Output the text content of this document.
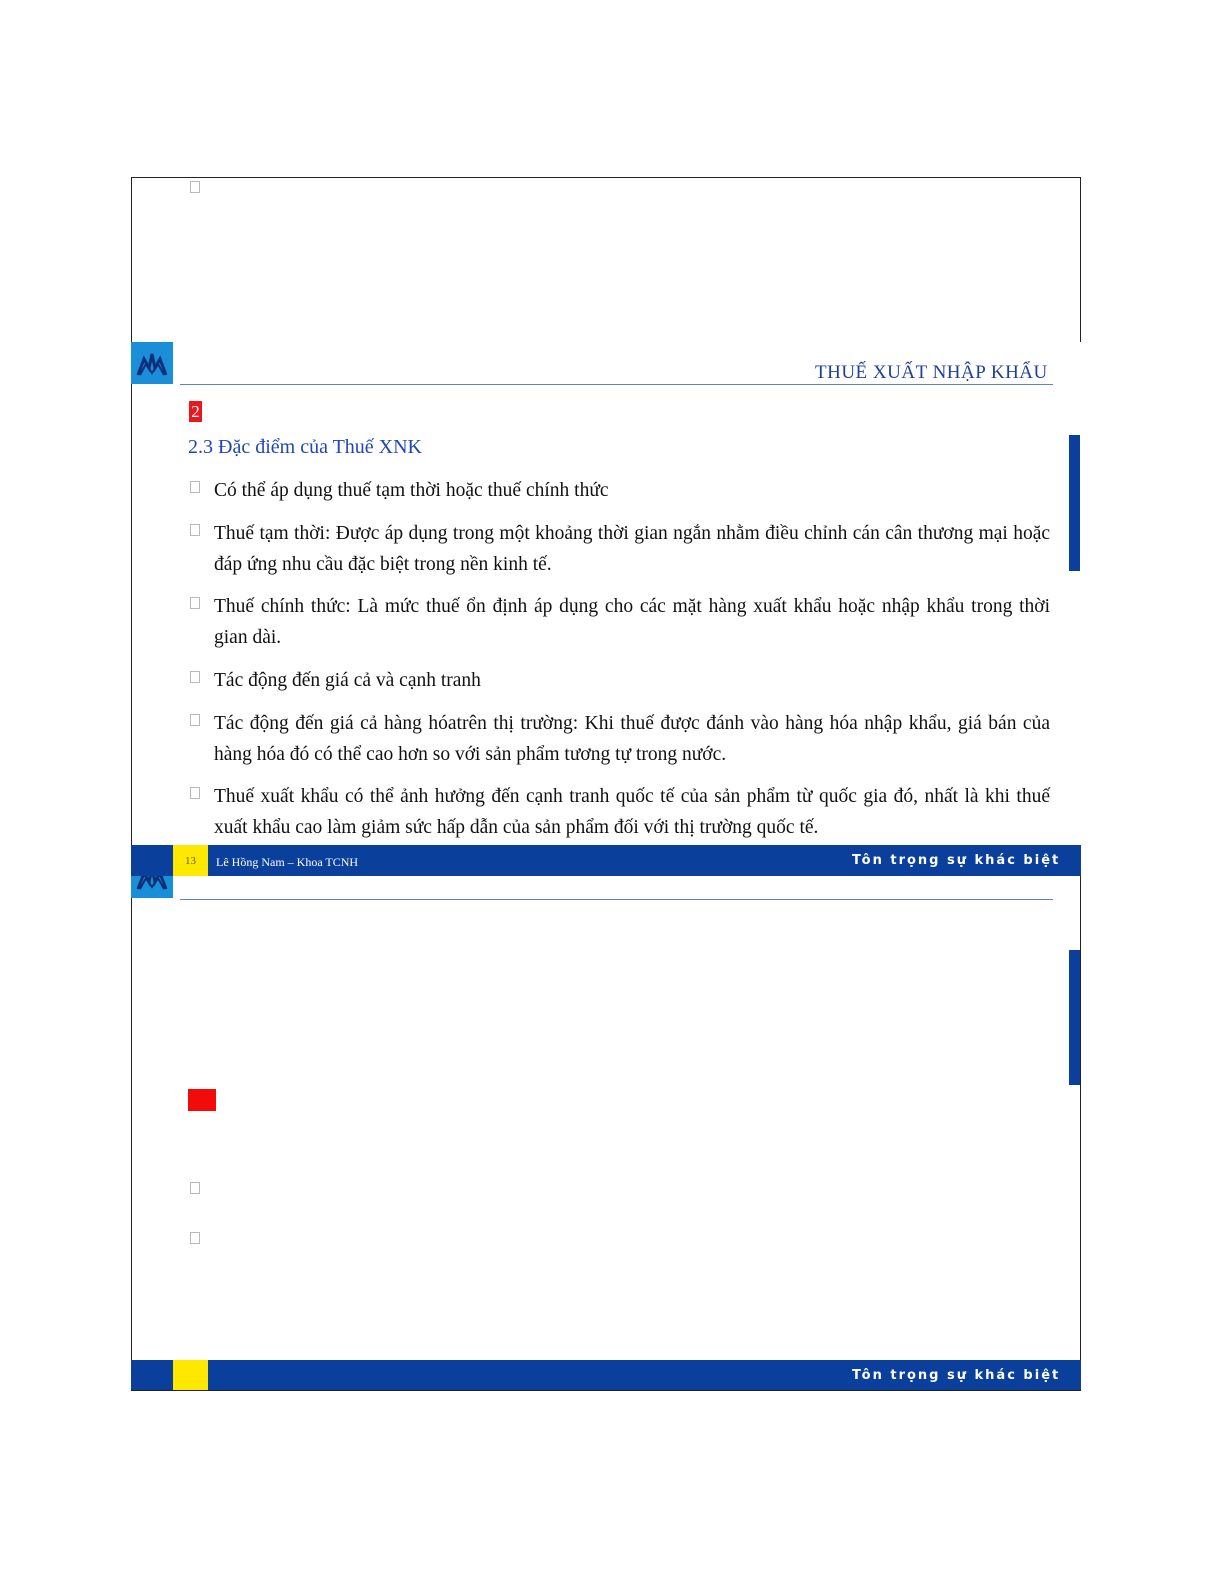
THUẾ XUẤT NHẬP KHẨU
2
2.3 Đặc điểm của Thuế XNK
Có thể áp dụng thuế tạm thời hoặc thuế chính thức
Thuế tạm thời: Được áp dụng trong một khoảng thời gian ngắn nhằm điều chỉnh cán cân thương mại hoặc đáp ứng nhu cầu đặc biệt trong nền kinh tế.
Thuế chính thức: Là mức thuế ổn định áp dụng cho các mặt hàng xuất khẩu hoặc nhập khẩu trong thời gian dài.
Tác động đến giá cả và cạnh tranh
Tác động đến giá cả hàng hóatrên thị trường: Khi thuế được đánh vào hàng hóa nhập khẩu, giá bán của hàng hóa đó có thể cao hơn so với sản phẩm tương tự trong nước.
Thuế xuất khẩu có thể ảnh hưởng đến cạnh tranh quốc tế của sản phẩm từ quốc gia đó, nhất là khi thuế xuất khẩu cao làm giảm sức hấp dẫn của sản phẩm đối với thị trường quốc tế.
13	Lê Hồng Nam – Khoa TCNH	Tôn trọng sự khác biệt
Tôn trọng sự khác biệt
